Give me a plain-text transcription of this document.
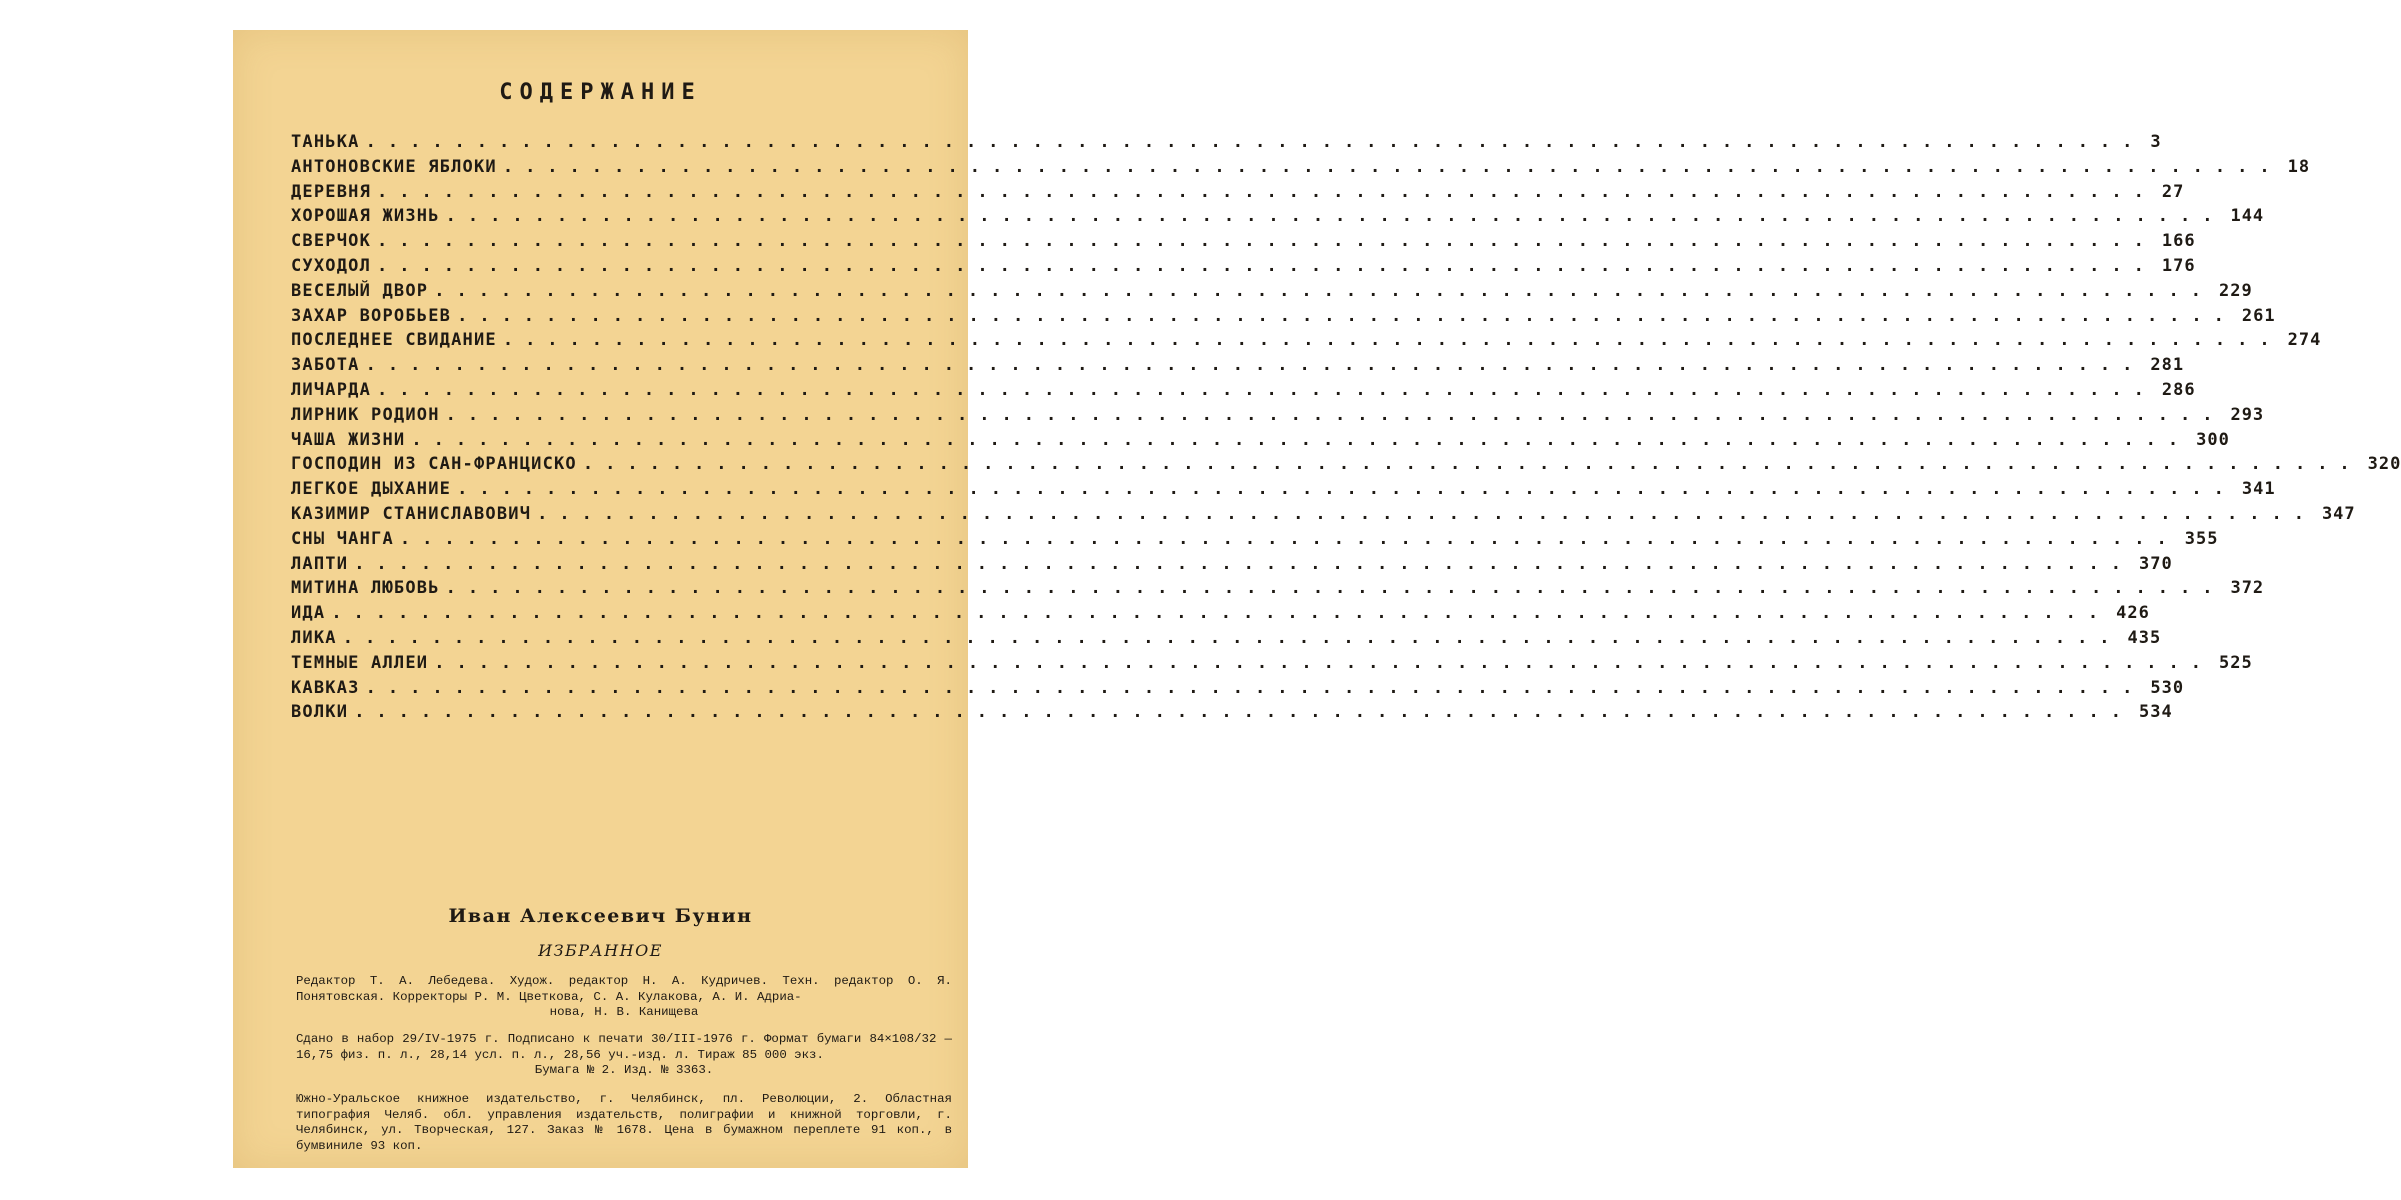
СОДЕРЖАНИЕ
ТАНЬКА ................................................................................ 3
АНТОНОВСКИЕ ЯБЛОКИ ................................................................................ 18
ДЕРЕВНЯ ................................................................................ 27
ХОРОШАЯ ЖИЗНЬ ................................................................................ 144
СВЕРЧОК ................................................................................ 166
СУХОДОЛ ................................................................................ 176
ВЕСЕЛЫЙ ДВОР ................................................................................ 229
ЗАХАР ВОРОБЬЕВ ................................................................................ 261
ПОСЛЕДНЕЕ СВИДАНИЕ ................................................................................ 274
ЗАБОТА ................................................................................ 281
ЛИЧАРДА ................................................................................ 286
ЛИРНИК РОДИОН ................................................................................ 293
ЧАША ЖИЗНИ ................................................................................ 300
ГОСПОДИН ИЗ САН-ФРАНЦИСКО ................................................................................ 320
ЛЕГКОЕ ДЫХАНИЕ ................................................................................ 341
КАЗИМИР СТАНИСЛАВОВИЧ ................................................................................ 347
СНЫ ЧАНГА ................................................................................ 355
ЛАПТИ ................................................................................ 370
МИТИНА ЛЮБОВЬ ................................................................................ 372
ИДА ................................................................................ 426
ЛИКА ................................................................................ 435
ТЕМНЫЕ АЛЛЕИ ................................................................................ 525
КАВКАЗ ................................................................................ 530
ВОЛКИ ................................................................................ 534
Иван Алексеевич Бунин
ИЗБРАННОЕ

Редактор Т. А. Лебедева. Худож. редактор Н. А. Кудричев. Техн. редактор О. Я. Понятовская. Корректоры Р. М. Цветкова, С. А. Кулакова, А. И. Адриа-

нова, Н. В. Канищева

Сдано в набор 29/IV-1975 г. Подписано к печати 30/III-1976 г. Формат бумаги 84×108/32 — 16,75 физ. п. л., 28,14 усл. п. л., 28,56 уч.-изд. л. Тираж 85 000 экз.

Бумага № 2. Изд. № 3363.

Южно-Уральское книжное издательство, г. Челябинск, пл. Революции, 2. Областная типография Челяб. обл. управления издательств, полиграфии и книжной торговли, г. Челябинск, ул. Творческая, 127. Заказ № 1678. Цена в бумажном переплете 91 коп., в бумвиниле 93 коп.
